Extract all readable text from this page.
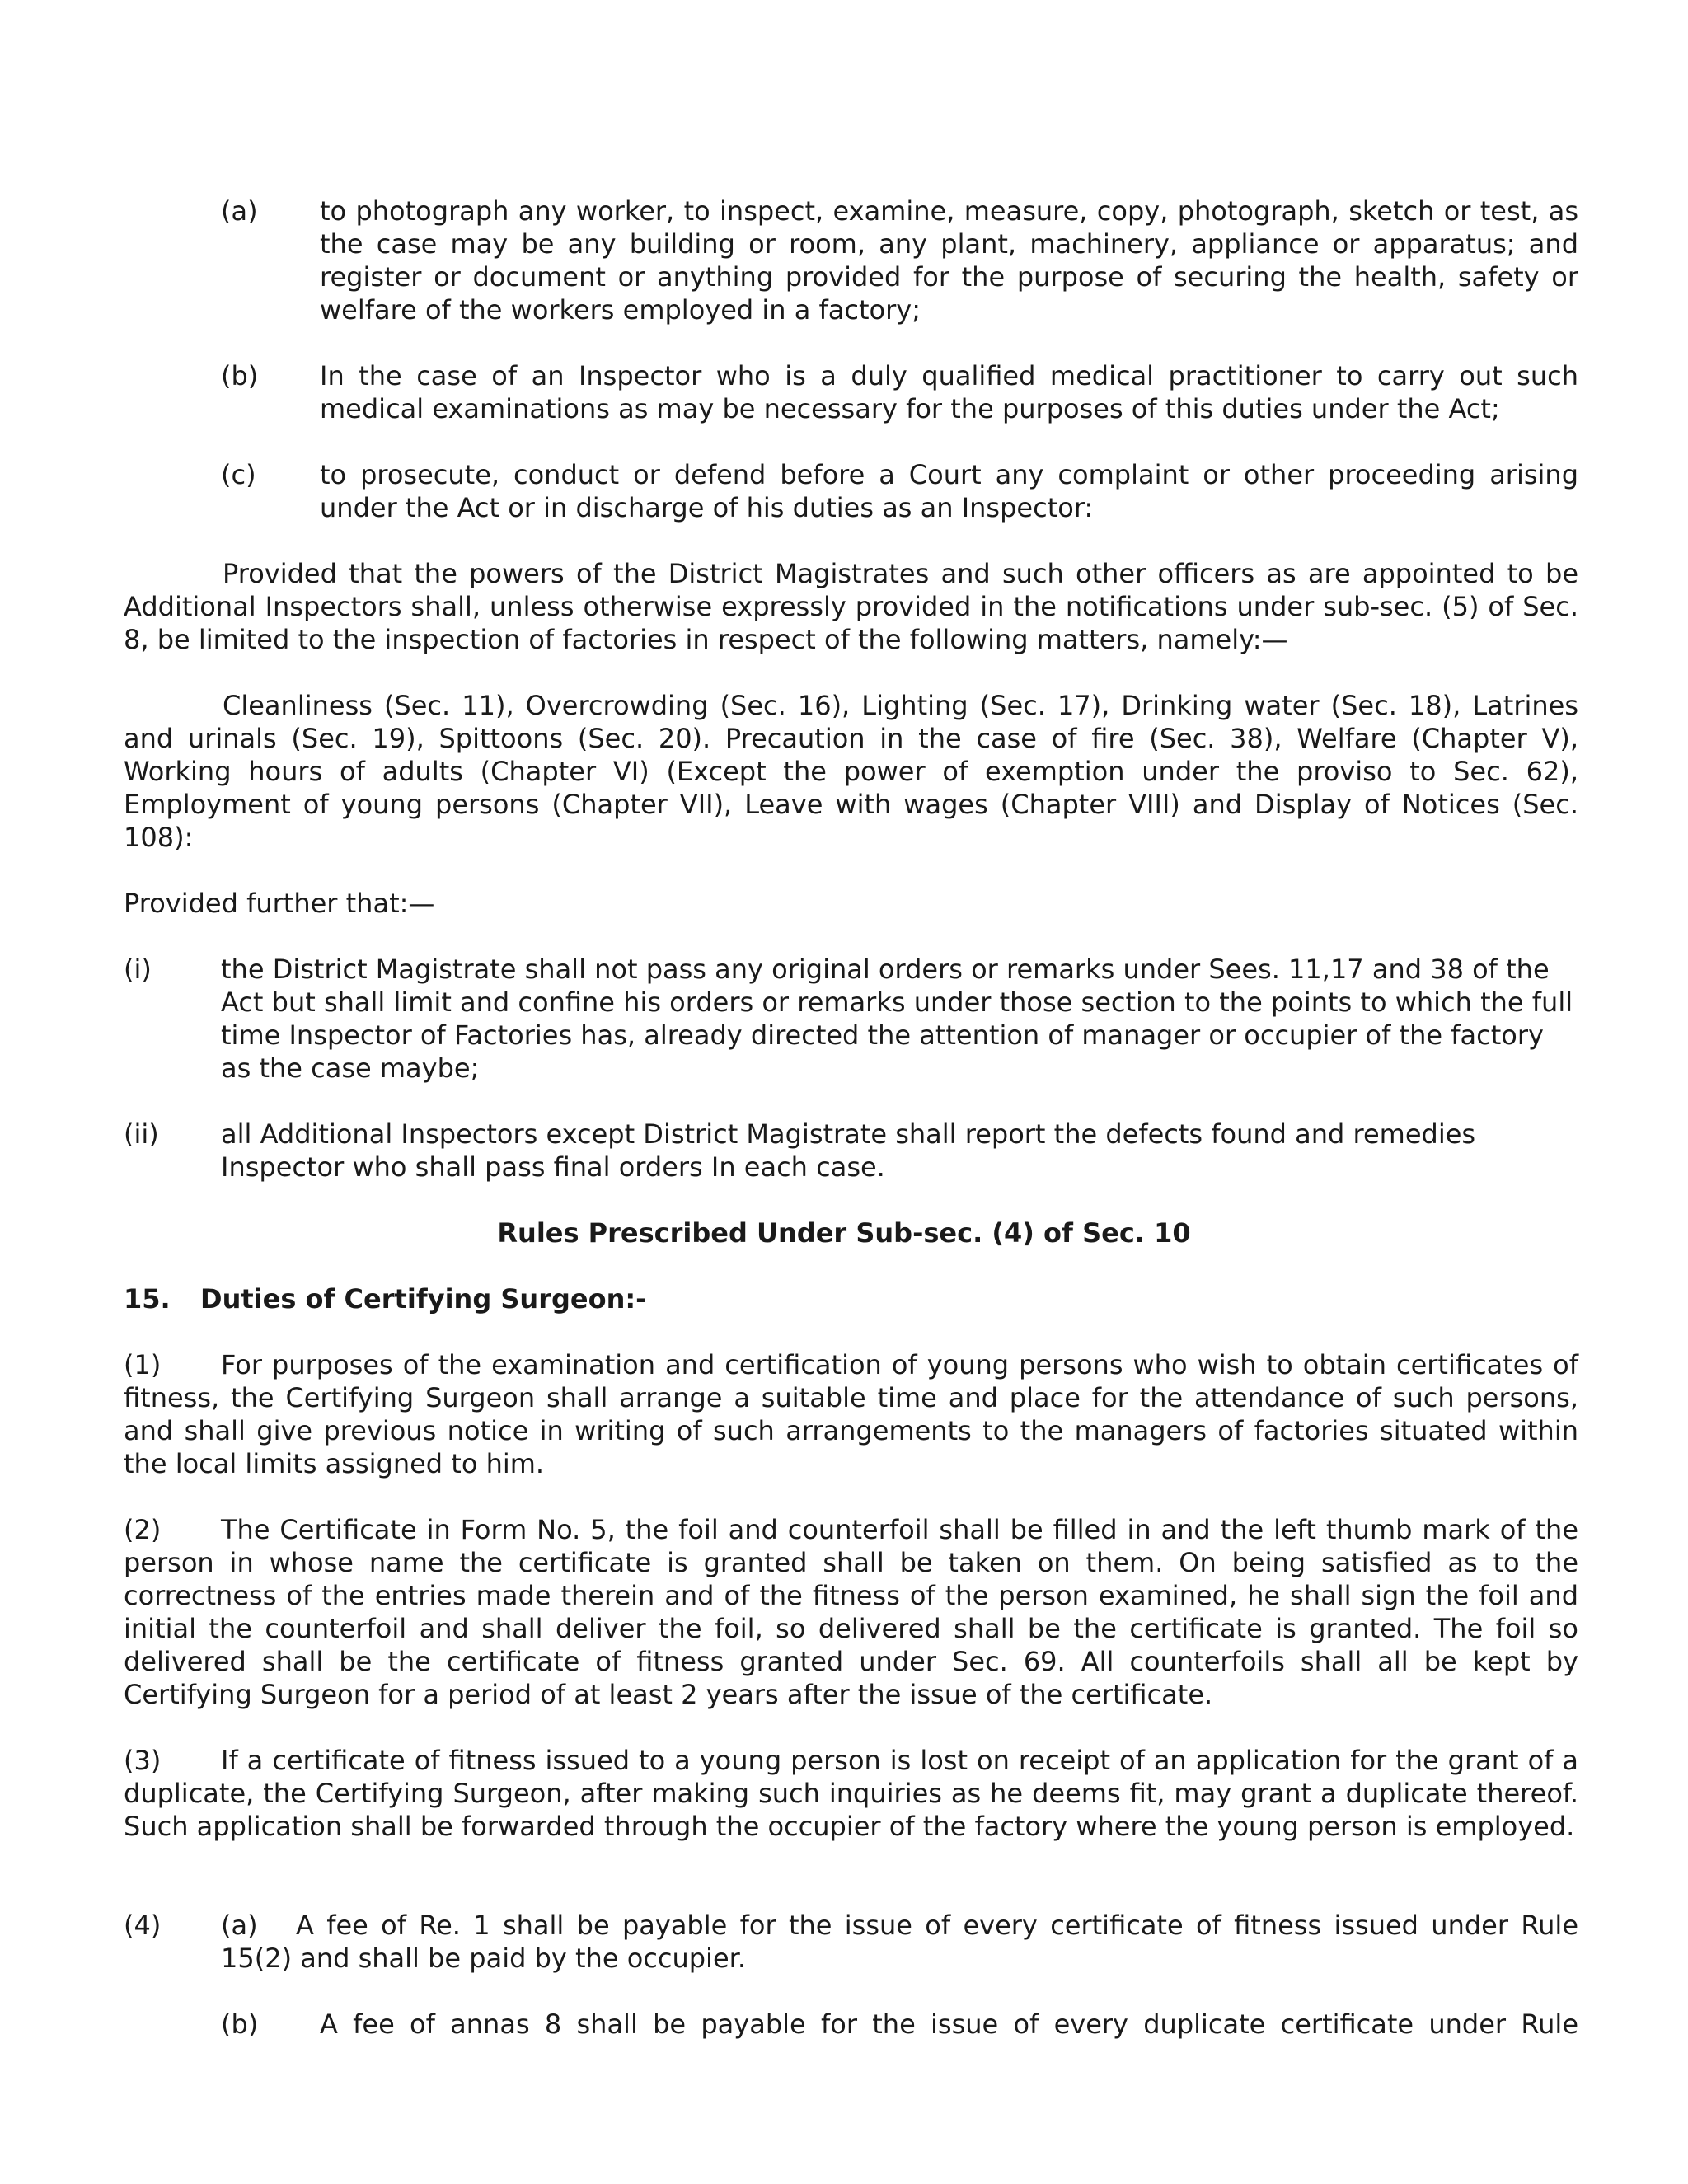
(a) to photograph any worker, to inspect, examine, measure, copy, photograph, sketch or test, as the case may be any building or room, any plant, machinery, appliance or apparatus; and register or document or anything provided for the purpose of securing the health, safety or welfare of the workers employed in a factory;

(b) In the case of an Inspector who is a duly qualified medical practitioner to carry out such medical examinations as may be necessary for the purposes of this duties under the Act;

(c) to prosecute, conduct or defend before a Court any complaint or other proceeding arising under the Act or in discharge of his duties as an Inspector:

Provided that the powers of the District Magistrates and such other officers as are appointed to be Additional Inspectors shall, unless otherwise expressly provided in the notifications under sub-sec. (5) of Sec. 8, be limited to the inspection of factories in respect of the following matters, namely:—

Cleanliness (Sec. 11), Overcrowding (Sec. 16), Lighting (Sec. 17), Drinking water (Sec. 18), Latrines and urinals (Sec. 19), Spittoons (Sec. 20). Precaution in the case of fire (Sec. 38), Welfare (Chapter V), Working hours of adults (Chapter VI) (Except the power of exemption under the proviso to Sec. 62), Employment of young persons (Chapter VII), Leave with wages (Chapter VIII) and Display of Notices (Sec. 108):

Provided further that:—

(i)	the District Magistrate shall not pass any original orders or remarks under Sees. 11,17 and 38 of the Act but shall limit and confine his orders or remarks under those section to the points to which the full time Inspector of Factories has, already directed the attention of manager or occupier of the factory as the case maybe;

(ii) all Additional Inspectors except District Magistrate shall report the defects found and remedies Inspector who shall pass final orders In each case.

Rules Prescribed Under Sub-sec. (4) of Sec. 10

15. Duties of Certifying Surgeon:-

(1) For purposes of the examination and certification of young persons who wish to obtain certificates of fitness, the Certifying Surgeon shall arrange a suitable time and place for the attendance of such persons, and shall give previous notice in writing of such arrangements to the managers of factories situated within the local limits assigned to him.

(2) The Certificate in Form No. 5, the foil and counterfoil shall be filled in and the left thumb mark of the person in whose name the certificate is granted shall be taken on them. On being satisfied as to the correctness of the entries made therein and of the fitness of the person examined, he shall sign the foil and initial the counterfoil and shall deliver the foil, so delivered shall be the certificate is granted. The foil so delivered shall be the certificate of fitness granted under Sec. 69. All counterfoils shall all be kept by Certifying Surgeon for a period of at least 2 years after the issue of the certificate.

(3) If a certificate of fitness issued to a young person is lost on receipt of an application for the grant of a duplicate, the Certifying Surgeon, after making such inquiries as he deems fit, may grant a duplicate thereof. Such application shall be forwarded through the occupier of the factory where the young person is employed.

(4) (a) A fee of Re. 1 shall be payable for the issue of every certificate of fitness issued under Rule 15(2) and shall be paid by the occupier.

(b) A fee of annas 8 shall be payable for the issue of every duplicate certificate under Rule
